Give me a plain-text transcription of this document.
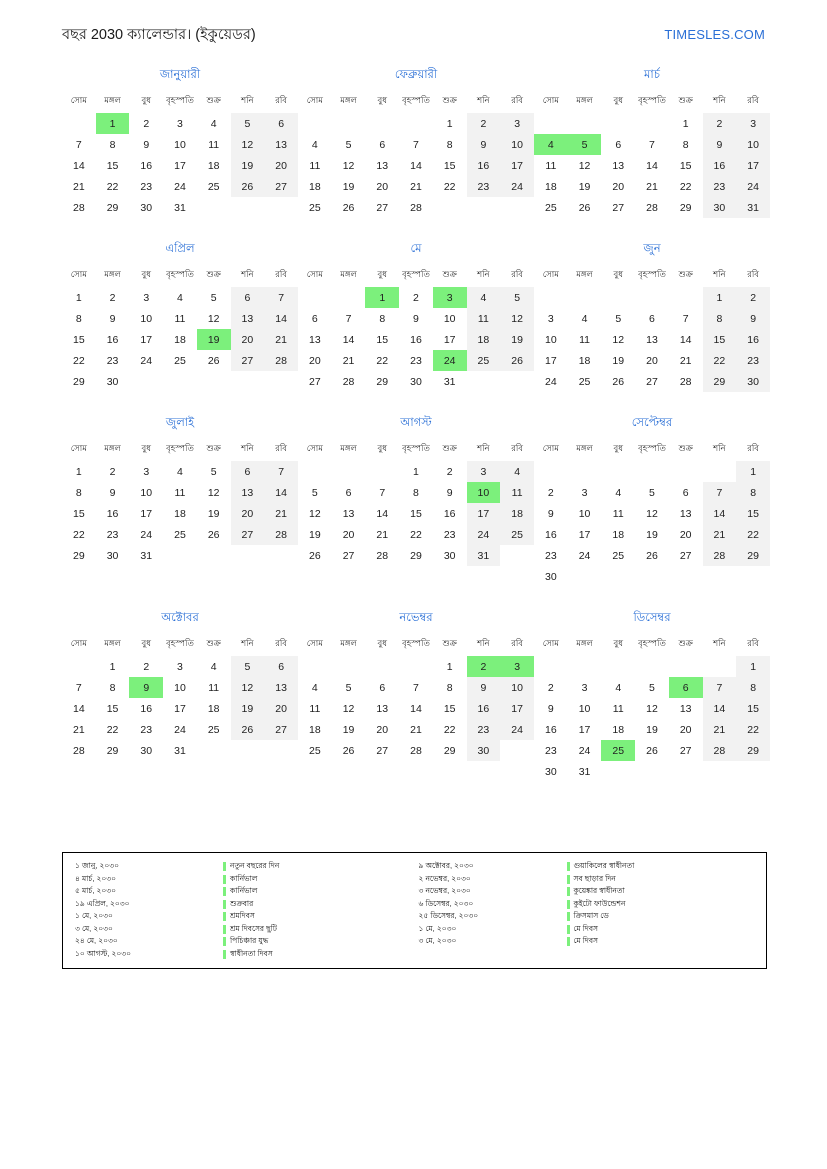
বছর 2030 ক্যালেন্ডার। (ইকুয়েডর)	TIMESLES.COM
জানুয়ারী
সোম	মঙ্গল	বুধ	বৃহস্পতি	শুক্র	শনি	রবি
	1	2	3	4	5	6
7	8	9	10	11	12	13
14	15	16	17	18	19	20
21	22	23	24	25	26	27
28	29	30	31			
ফেব্রুয়ারী
সোম	মঙ্গল	বুধ	বৃহস্পতি	শুক্র	শনি	রবি
				1	2	3
4	5	6	7	8	9	10
11	12	13	14	15	16	17
18	19	20	21	22	23	24
25	26	27	28			
মার্চ
সোম	মঙ্গল	বুধ	বৃহস্পতি	শুক্র	শনি	রবি
				1	2	3
4	5	6	7	8	9	10
11	12	13	14	15	16	17
18	19	20	21	22	23	24
25	26	27	28	29	30	31
এপ্রিল
সোম	মঙ্গল	বুধ	বৃহস্পতি	শুক্র	শনি	রবি
1	2	3	4	5	6	7
8	9	10	11	12	13	14
15	16	17	18	19	20	21
22	23	24	25	26	27	28
29	30					
মে
সোম	মঙ্গল	বুধ	বৃহস্পতি	শুক্র	শনি	রবি
		1	2	3	4	5
6	7	8	9	10	11	12
13	14	15	16	17	18	19
20	21	22	23	24	25	26
27	28	29	30	31		
জুন
সোম	মঙ্গল	বুধ	বৃহস্পতি	শুক্র	শনি	রবি
					1	2
3	4	5	6	7	8	9
10	11	12	13	14	15	16
17	18	19	20	21	22	23
24	25	26	27	28	29	30
জুলাই
সোম	মঙ্গল	বুধ	বৃহস্পতি	শুক্র	শনি	রবি
1	2	3	4	5	6	7
8	9	10	11	12	13	14
15	16	17	18	19	20	21
22	23	24	25	26	27	28
29	30	31				
আগস্ট
সোম	মঙ্গল	বুধ	বৃহস্পতি	শুক্র	শনি	রবি
			1	2	3	4
5	6	7	8	9	10	11
12	13	14	15	16	17	18
19	20	21	22	23	24	25
26	27	28	29	30	31	
সেপ্টেম্বর
সোম	মঙ্গল	বুধ	বৃহস্পতি	শুক্র	শনি	রবি
						1
2	3	4	5	6	7	8
9	10	11	12	13	14	15
16	17	18	19	20	21	22
23	24	25	26	27	28	29
30						
অক্টোবর
সোম	মঙ্গল	বুধ	বৃহস্পতি	শুক্র	শনি	রবি
	1	2	3	4	5	6
7	8	9	10	11	12	13
14	15	16	17	18	19	20
21	22	23	24	25	26	27
28	29	30	31			
নভেম্বর
সোম	মঙ্গল	বুধ	বৃহস্পতি	শুক্র	শনি	রবি
				1	2	3
4	5	6	7	8	9	10
11	12	13	14	15	16	17
18	19	20	21	22	23	24
25	26	27	28	29	30	
ডিসেম্বর
সোম	মঙ্গল	বুধ	বৃহস্পতি	শুক্র	শনি	রবি
						1
2	3	4	5	6	7	8
9	10	11	12	13	14	15
16	17	18	19	20	21	22
23	24	25	26	27	28	29
30	31					
১ জানু, ২০৩০	নতুন বছরের দিন
৪ মার্চ, ২০৩০	কার্নিভাল
৫ মার্চ, ২০৩০	কার্নিভাল
১৯ এপ্রিল, ২০৩০	শুক্রবার
১ মে, ২০৩০	শ্রমদিবস
৩ মে, ২০৩০	শ্রম দিবসের ছুটি
২৪ মে, ২০৩০	পিচিঞ্চার যুদ্ধ
১০ আগস্ট, ২০৩০	স্বাধীনতা দিবস
৯ অক্টোবর, ২০৩০	গুয়াকিলের স্বাধীনতা
২ নভেম্বর, ২০৩০	সব ছাড়ার দিন
৩ নভেম্বর, ২০৩০	কুয়েঙ্কার স্বাধীনতা
৬ ডিসেম্বর, ২০৩০	কুইটো ফাউন্ডেশন
২৫ ডিসেম্বর, ২০৩০	ক্রিসমাস ডে
১ মে, ২০৩০	মে দিবস
৩ মে, ২০৩০	মে দিবস
